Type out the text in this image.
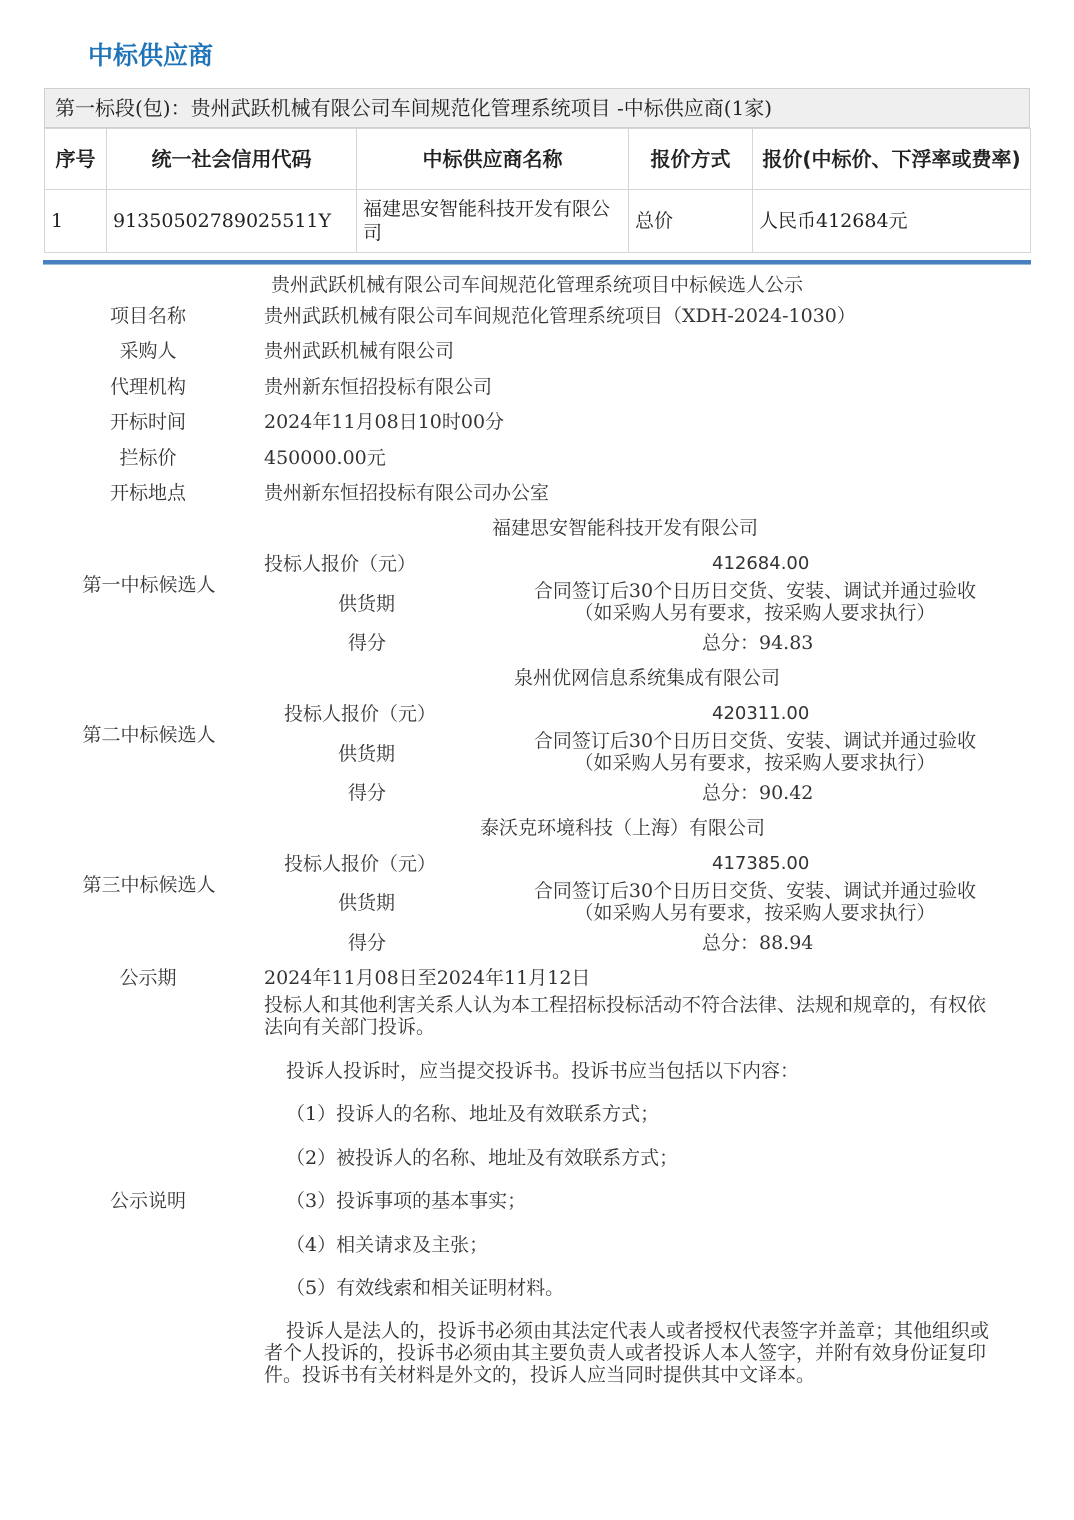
中标供应商
第一标段(包)：贵州武跃机械有限公司车间规范化管理系统项目 -中标供应商(1家)
序号	统一社会信用代码	中标供应商名称	报价方式	报价(中标价、下浮率或费率)
1	91350502789025511Y	福建思安智能科技开发有限公司	总价	人民币412684元
贵州武跃机械有限公司车间规范化管理系统项目中标候选人公示
项目名称	贵州武跃机械有限公司车间规范化管理系统项目（XDH-2024-1030）
采购人	贵州武跃机械有限公司
代理机构	贵州新东恒招投标有限公司
开标时间	2024年11月08日10时00分
拦标价	450000.00元
开标地点	贵州新东恒招投标有限公司办公室
福建思安智能科技开发有限公司
第一中标候选人
投标人报价（元）	412684.00
供货期
合同签订后30个日历日交货、安装、调试并通过验收
（如采购人另有要求，按采购人要求执行）
得分	总分：94.83
泉州优网信息系统集成有限公司
第二中标候选人
投标人报价（元）	420311.00
供货期
合同签订后30个日历日交货、安装、调试并通过验收
（如采购人另有要求，按采购人要求执行）
得分	总分：90.42
泰沃克环境科技（上海）有限公司
第三中标候选人
投标人报价（元）	417385.00
供货期
合同签订后30个日历日交货、安装、调试并通过验收
（如采购人另有要求，按采购人要求执行）
得分	总分：88.94
公示期	2024年11月08日至2024年11月12日
公示说明
投标人和其他利害关系人认为本工程招标投标活动不符合法律、法规和规章的，有权依法向有关部门投诉。
投诉人投诉时，应当提交投诉书。投诉书应当包括以下内容：
（1）投诉人的名称、地址及有效联系方式；
（2）被投诉人的名称、地址及有效联系方式；
（3）投诉事项的基本事实；
（4）相关请求及主张；
（5）有效线索和相关证明材料。
投诉人是法人的，投诉书必须由其法定代表人或者授权代表签字并盖章；其他组织或者个人投诉的，投诉书必须由其主要负责人或者投诉人本人签字，并附有效身份证复印件。投诉书有关材料是外文的，投诉人应当同时提供其中文译本。
